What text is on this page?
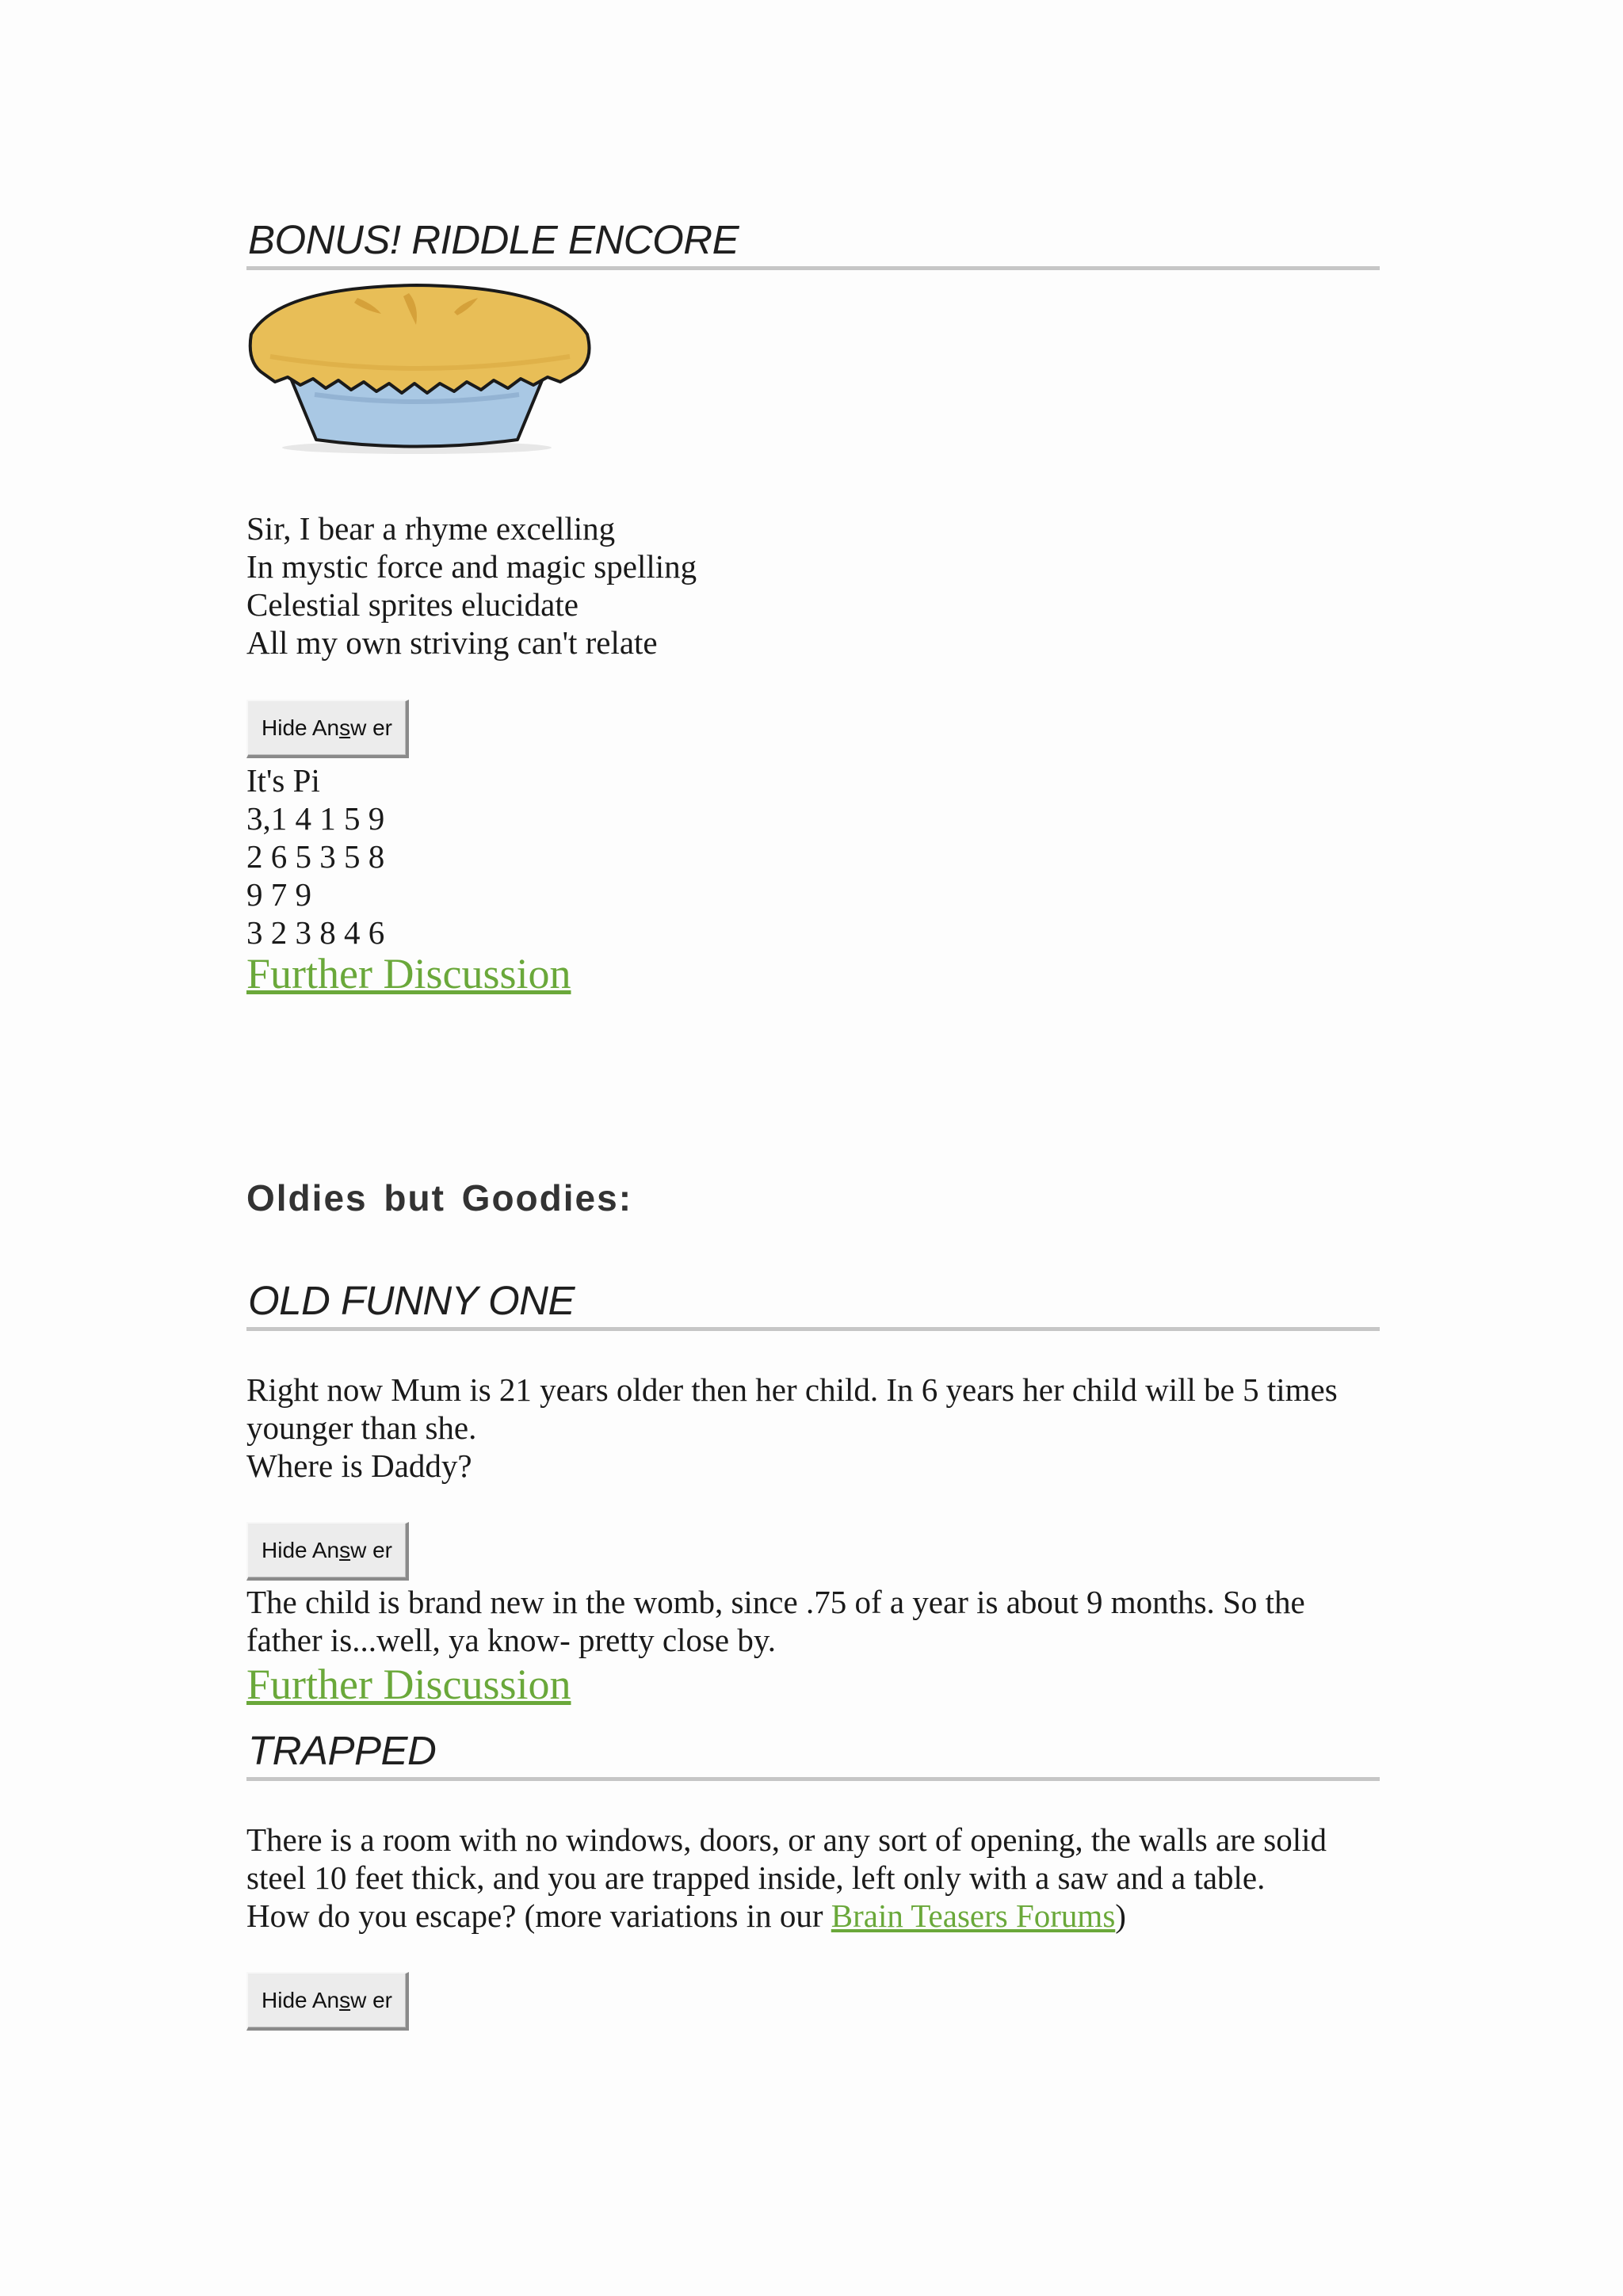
BONUS! RIDDLE ENCORE
Sir, I bear a rhyme excelling
In mystic force and magic spelling
Celestial sprites elucidate
All my own striving can't relate
Hide An s w er
It's Pi
3,1 4 1 5 9
2 6 5 3 5 8
9 7 9
3 2 3 8 4 6
Further Discussion
Oldies but Goodies:
OLD FUNNY ONE
Right now Mum is 21 years older then her child. In 6 years her child will be 5 times
younger than she.
Where is Daddy?
Hide An s w er
The child is brand new in the womb, since .75 of a year is about 9 months. So the
father is...well, ya know- pretty close by.
Further Discussion
TRAPPED
There is a room with no windows, doors, or any sort of opening, the walls are solid
steel 10 feet thick, and you are trapped inside, left only with a saw and a table.
How do you escape? (more variations in our Brain Teasers Forums)
Hide An s w er
